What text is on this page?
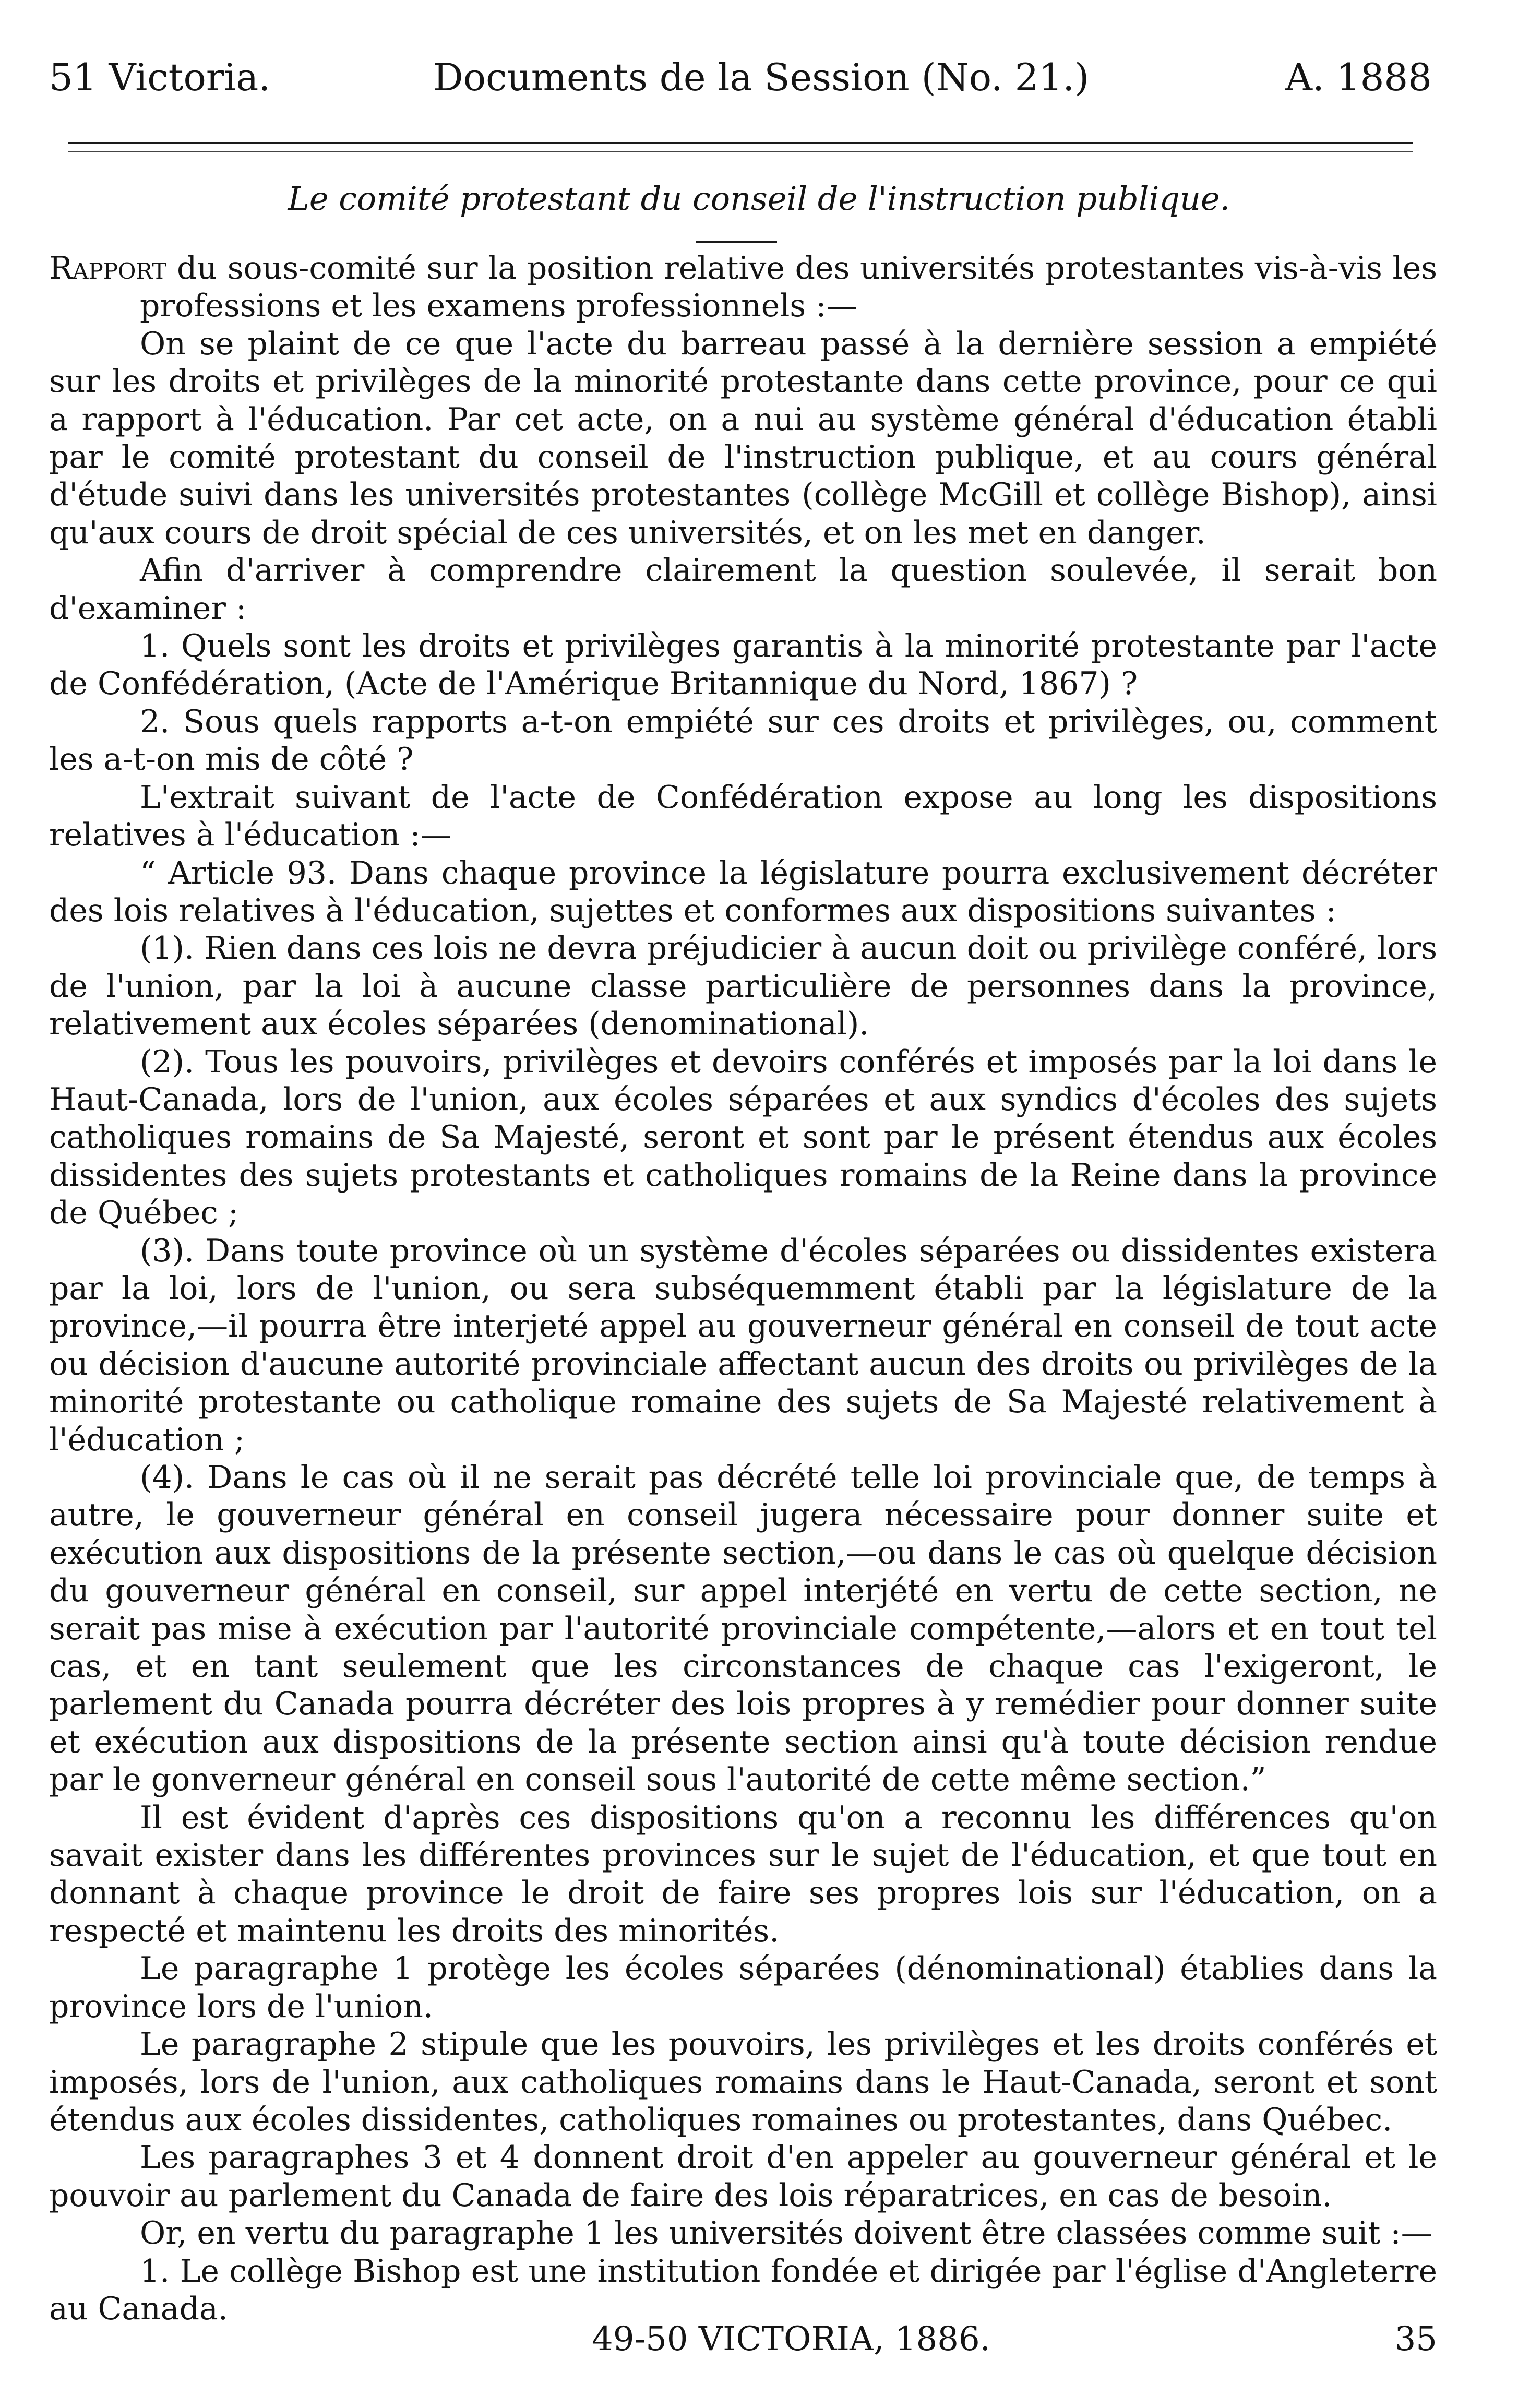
51 Victoria.	Documents de la Session (No. 21.)	A. 1888
Le comité protestant du conseil de l'instruction publique.

Rapport du sous-comité sur la position relative des universités protestantes vis-à-vis les professions et les examens professionnels :—

On se plaint de ce que l'acte du barreau passé à la dernière session a empiété sur les droits et privilèges de la minorité protestante dans cette province, pour ce qui a rapport à l'éducation. Par cet acte, on a nui au système général d'éducation établi par le comité protestant du conseil de l'instruction publique, et au cours général d'étude suivi dans les universités protestantes (collège McGill et collège Bishop), ainsi qu'aux cours de droit spécial de ces universités, et on les met en danger.

Afin d'arriver à comprendre clairement la question soulevée, il serait bon d'examiner :

1. Quels sont les droits et privilèges garantis à la minorité protestante par l'acte de Confédération, (Acte de l'Amérique Britannique du Nord, 1867) ?

2. Sous quels rapports a-t-on empiété sur ces droits et privilèges, ou, comment les a-t-on mis de côté ?

L'extrait suivant de l'acte de Confédération expose au long les dispositions relatives à l'éducation :—

“ Article 93. Dans chaque province la législature pourra exclusivement décréter des lois relatives à l'éducation, sujettes et conformes aux dispositions suivantes :

(1). Rien dans ces lois ne devra préjudicier à aucun doit ou privilège conféré, lors de l'union, par la loi à aucune classe particulière de personnes dans la province, relativement aux écoles séparées (denominational).

(2). Tous les pouvoirs, privilèges et devoirs conférés et imposés par la loi dans le Haut-Canada, lors de l'union, aux écoles séparées et aux syndics d'écoles des sujets catholiques romains de Sa Majesté, seront et sont par le présent étendus aux écoles dissidentes des sujets protestants et catholiques romains de la Reine dans la province de Québec ;

(3). Dans toute province où un système d'écoles séparées ou dissidentes existera par la loi, lors de l'union, ou sera subséquemment établi par la législature de la province,—il pourra être interjeté appel au gouverneur général en conseil de tout acte ou décision d'aucune autorité provinciale affectant aucun des droits ou privilèges de la minorité protestante ou catholique romaine des sujets de Sa Majesté relativement à l'éducation ;

(4). Dans le cas où il ne serait pas décrété telle loi provinciale que, de temps à autre, le gouverneur général en conseil jugera nécessaire pour donner suite et exécution aux dispositions de la présente section,—ou dans le cas où quelque décision du gouverneur général en conseil, sur appel interjété en vertu de cette section, ne serait pas mise à exécution par l'autorité provinciale compétente,—alors et en tout tel cas, et en tant seulement que les circonstances de chaque cas l'exigeront, le parlement du Canada pourra décréter des lois propres à y remédier pour donner suite et exécution aux dispositions de la présente section ainsi qu'à toute décision rendue par le gonverneur général en conseil sous l'autorité de cette même section.”

Il est évident d'après ces dispositions qu'on a reconnu les différences qu'on savait exister dans les différentes provinces sur le sujet de l'éducation, et que tout en donnant à chaque province le droit de faire ses propres lois sur l'éducation, on a respecté et maintenu les droits des minorités.

Le paragraphe 1 protège les écoles séparées (dénominational) établies dans la province lors de l'union.

Le paragraphe 2 stipule que les pouvoirs, les privilèges et les droits conférés et imposés, lors de l'union, aux catholiques romains dans le Haut-Canada, seront et sont étendus aux écoles dissidentes, catholiques romaines ou protestantes, dans Québec.

Les paragraphes 3 et 4 donnent droit d'en appeler au gouverneur général et le pouvoir au parlement du Canada de faire des lois réparatrices, en cas de besoin.

Or, en vertu du paragraphe 1 les universités doivent être classées comme suit :—

1. Le collège Bishop est une institution fondée et dirigée par l'église d'Angleterre au Canada.

49-50 VICTORIA, 1886.	35
